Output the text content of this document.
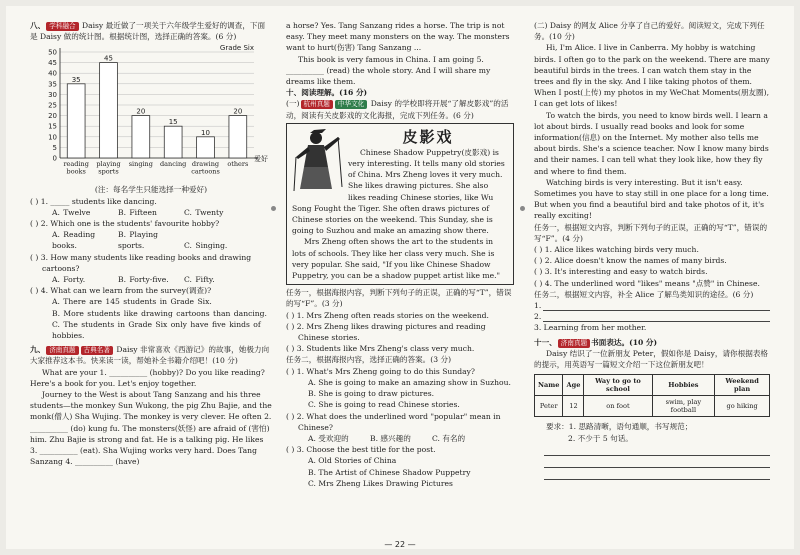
八、 学科融合 Daisy 最近做了一项关于六年级学生爱好的调查，下面是 Daisy 做的统计图。根据统计图，选择正确的答案。(6 分)

0
5
10
15
20
25
30
35
40
45
50
Grade Six
爱好
35
reading
books
45
playing
sports
20
singing
15
dancing
10
drawing
cartoons
20
others

(注：每名学生只能选择一种爱好)

( ) 1. _____ students like dancing.

A. Twelve	B. Fifteen	C. Twenty

( ) 2. Which one is the students' favourite hobby?

A. Reading books.B. Playing sports.	C. Singing.

( ) 3. How many students like reading books and drawing cartoons?

A. Forty.	B. Forty-five. C. Fifty.

( ) 4. What can we learn from the survey(调查)?

A. There are 145 students in Grade Six.
B. More students like drawing cartoons than dancing.
C. The students in Grade Six only have five kinds of hobbies.

九、 济南真题 古典名著 Daisy 非常喜欢《西游记》的故事，她极力向大家推荐这本书。快来读一读，帮她补全书籍介绍吧！(10 分)

What are your 1. __________ (hobby)? Do you like reading? Here's a book for you. Let's enjoy together.

Journey to the West is about Tang Sanzang and his three students—the monkey Sun Wukong, the pig Zhu Bajie, and the monk(僧人) Sha Wujing. The monkey is very clever. He often 2. __________ (do) kung fu. The monsters(妖怪) are afraid of (害怕) him. Zhu Bajie is strong and fat. He is a talking pig. He likes 3. __________ (eat). Sha Wujing works very hard. Does Tang Sanzang 4. __________ (have)

a horse? Yes. Tang Sanzang rides a horse. The trip is not easy. They meet many monsters on the way. The monsters want to hurt(伤害) Tang Sanzang ...

This book is very famous in China. I am going 5. __________ (read) the whole story. And I will share my dreams like them.

十、阅读理解。(16 分)

(一) 杭州真题 中华文化 Daisy 的学校即将开展“了解皮影戏”的活动，阅读有关皮影戏的文化海报，完成下列任务。(6 分)

皮影戏

Chinese Shadow Puppetry(皮影戏) is very interesting. It tells many old stories of China. Mrs Zheng loves it very much. She likes drawing pictures. She also likes reading Chinese stories, like Wu Song Fought the Tiger. She often draws pictures of Chinese stories on the weekend. This Sunday, she is going to Suzhou and make an amazing show there.

Mrs Zheng often shows the art to the students in lots of schools. They like her class very much. She is very popular. She said, "If you like Chinese Shadow Puppetry, you can be a shadow puppet artist like me."

任务一，根据海报内容，判断下列句子的正误，正确的写“T”，错误的写“F”。(3 分)

( ) 1. Mrs Zheng often reads stories on the weekend.

( ) 2. Mrs Zheng likes drawing pictures and reading Chinese stories.

( ) 3. Students like Mrs Zheng's class very much.

任务二，根据海报内容，选择正确的答案。(3 分)

( ) 1. What's Mrs Zheng going to do this Sunday?

A. She is going to make an amazing show in Suzhou.
B. She is going to draw pictures.
C. She is going to read Chinese stories.

( ) 2. What does the underlined word "popular" mean in Chinese?

A. 受欢迎的	B. 感兴趣的	C. 有名的

( ) 3. Choose the best title for the post.

A. Old Stories of China
B. The Artist of Chinese Shadow Puppetry
C. Mrs Zheng Likes Drawing Pictures

(二) Daisy 的网友 Alice 分享了自己的爱好。阅读短文，完成下列任务。(10 分)

Hi, I'm Alice. I live in Canberra. My hobby is watching birds. I often go to the park on the weekend. There are many beautiful birds in the trees. I can watch them stay in the trees and fly in the sky. And I like taking photos of them. When I post(上传) my photos in my WeChat Moments(朋友圈), I can get lots of likes!

To watch the birds, you need to know birds well. I learn a lot about birds. I usually read books and look for some information(信息) on the Internet. My mother also tells me about birds. She's a science teacher. Now I know many birds and their names. I can tell what they look like, how they fly and where to find them.

Watching birds is very interesting. But it isn't easy. Sometimes you have to stay still in one place for a long time. But when you find a beautiful bird and take photos of it, it's really exciting!

任务一，根据短文内容，判断下列句子的正误，正确的写“T”，错误的写“F”。(4 分)

( ) 1. Alice likes watching birds very much.

( ) 2. Alice doesn't know the names of many birds.

( ) 3. It's interesting and easy to watch birds.

( ) 4. The underlined word "likes" means "点赞" in Chinese.

任务二，根据短文内容，补全 Alice 了解鸟类知识的途径。(6 分)

1.

2.

3. Learning from her mother.

十一、 济南真题 书面表达。(10 分)

Daisy 结识了一位新朋友 Peter，假如你是 Daisy，请你根据表格的提示，用英语写一篇短文介绍一下这位新朋友吧！

Name	Age	Way to go to school	Hobbies	Weekend plan
Peter	12	on foot	swim, play football	go hiking

要求：1. 思路清晰，语句通顺，书写规范；

2. 不少于 5 句话。

— 22 —
